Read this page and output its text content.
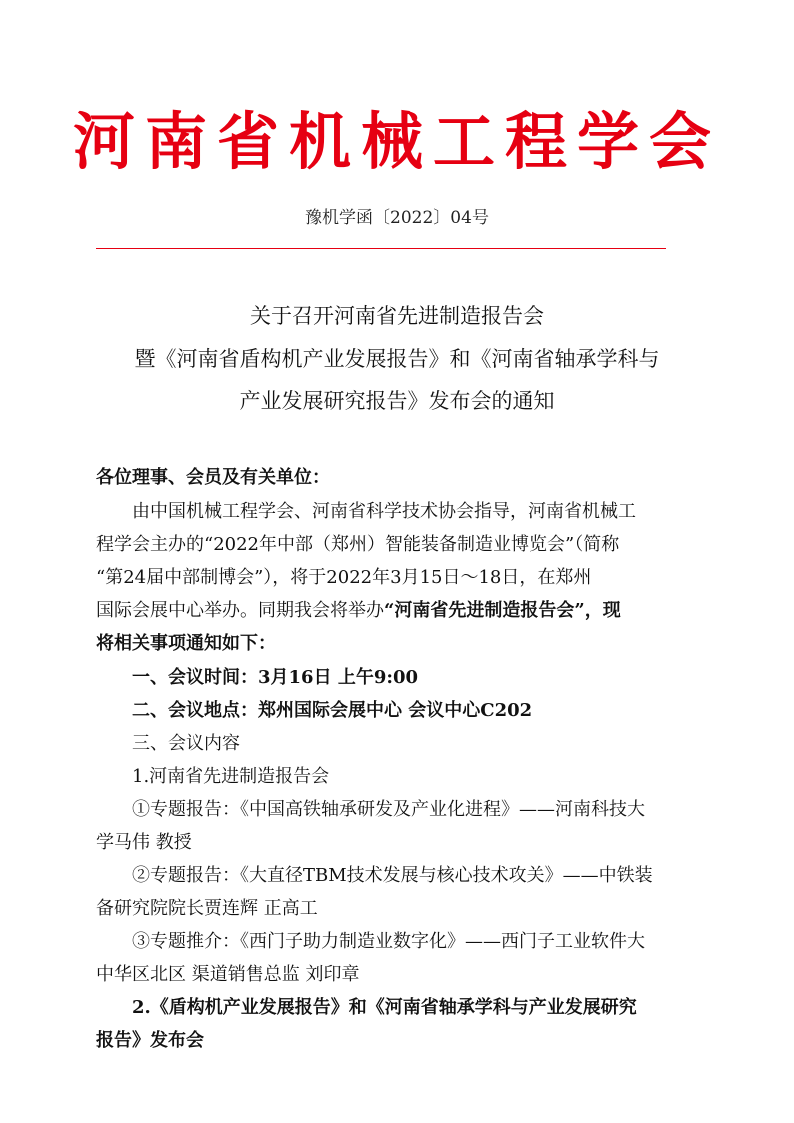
河南省机械工程学会
豫机学函〔2022〕04号
关于召开河南省先进制造报告会
暨《河南省盾构机产业发展报告》和《河南省轴承学科与
产业发展研究报告》发布会的通知
各位理事、会员及有关单位：
由中国机械工程学会、河南省科学技术协会指导，河南省机械工
程学会主办的“2022年中部（郑州）智能装备制造业博览会”（简称
“第24届中部制博会”），将于2022年3月15日～18日，在郑州
国际会展中心举办。同期我会将举办“河南省先进制造报告会”，现
将相关事项通知如下：
一、会议时间：3月16日 上午9:00
二、会议地点：郑州国际会展中心 会议中心C202
三、会议内容
1.河南省先进制造报告会
①专题报告：《中国高铁轴承研发及产业化进程》——河南科技大
学马伟 教授
②专题报告：《大直径TBM技术发展与核心技术攻关》——中铁装
备研究院院长贾连辉 正高工
③专题推介：《西门子助力制造业数字化》——西门子工业软件大
中华区北区 渠道销售总监 刘印章
2.《盾构机产业发展报告》和《河南省轴承学科与产业发展研究
报告》发布会
